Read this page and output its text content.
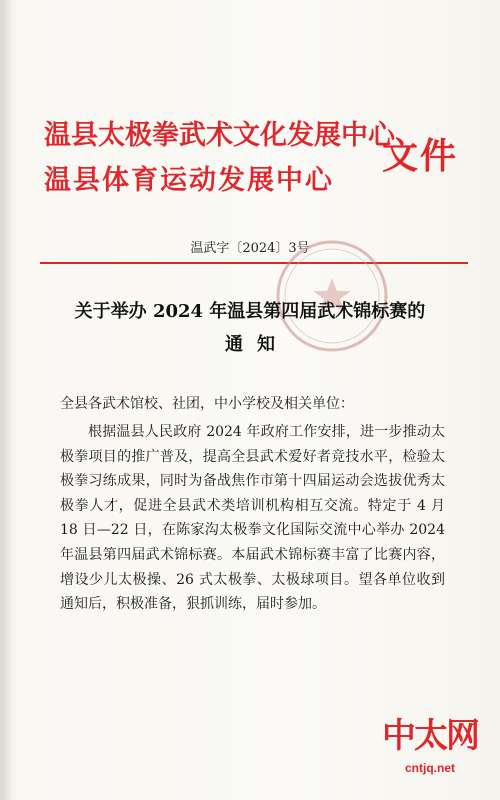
温县太极拳武术文化发展中心
温县体育运动发展中心
文件
温武字〔2024〕3号
关于举办 2024 年温县第四届武术锦标赛的
通知
全县各武术馆校、社团，中小学校及相关单位：

根据温县人民政府 2024 年政府工作安排，进一步推动太极拳项目的推广普及，提高全县武术爱好者竞技水平，检验太极拳习练成果，同时为备战焦作市第十四届运动会选拔优秀太极拳人才，促进全县武术类培训机构相互交流。特定于 4 月 18 日—22 日，在陈家沟太极拳文化国际交流中心举办 2024 年温县第四届武术锦标赛。本届武术锦标赛丰富了比赛内容，增设少儿太极操、26 式太极拳、太极球项目。望各单位收到通知后，积极准备，狠抓训练，届时参加。

中太网
cntjq.net
